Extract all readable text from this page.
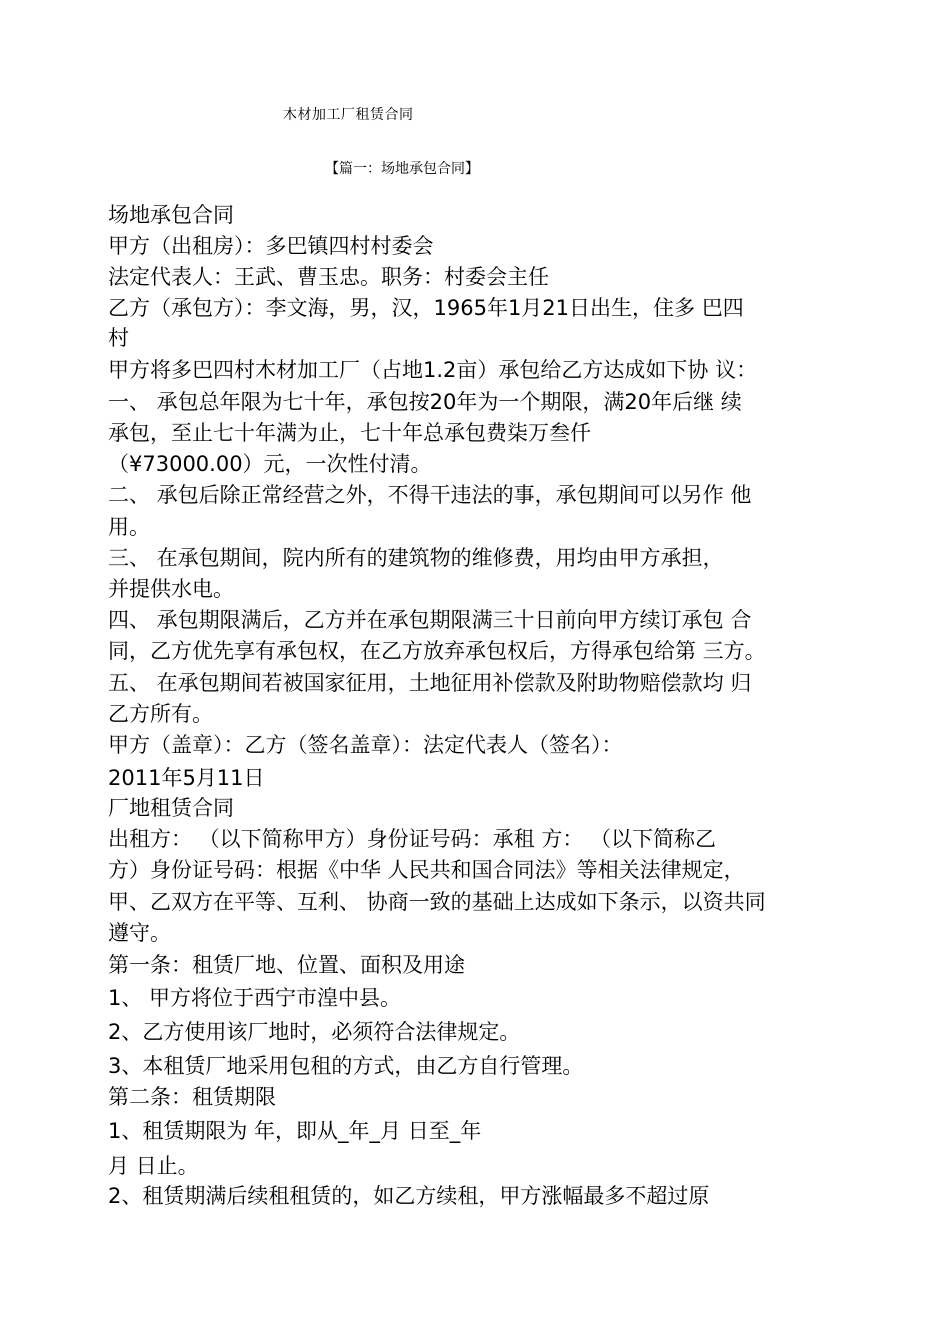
木材加工厂租赁合同
【篇一：场地承包合同】
场地承包合同
甲方（出租房）：多巴镇四村村委会
法定代表人：王武、曹玉忠。职务：村委会主任
乙方（承包方）：李文海，男，汉，1965年1月21日出生，住多 巴四
村
甲方将多巴四村木材加工厂（占地1.2亩）承包给乙方达成如下协 议：
一、 承包总年限为七十年，承包按20年为一个期限，满20年后继 续
承包，至止七十年满为止，七十年总承包费柒万叁仟
（¥73000.00）元，一次性付清。
二、 承包后除正常经营之外，不得干违法的事，承包期间可以另作 他
用。
三、 在承包期间，院内所有的建筑物的维修费，用均由甲方承担，
并提供水电。
四、 承包期限满后，乙方并在承包期限满三十日前向甲方续订承包 合
同，乙方优先享有承包权，在乙方放弃承包权后，方得承包给第 三方。
五、 在承包期间若被国家征用，土地征用补偿款及附助物赔偿款均 归
乙方所有。
甲方（盖章）：乙方（签名盖章）：法定代表人（签名）：
2011年5月11日
厂地租赁合同
出租方： （以下简称甲方）身份证号码：承租 方： （以下简称乙
方）身份证号码：根据《中华 人民共和国合同法》等相关法律规定，
甲、乙双方在平等、互利、 协商一致的基础上达成如下条示，以资共同
遵守。
第一条：租赁厂地、位置、面积及用途
1、 甲方将位于西宁市湟中县。
2、乙方使用该厂地时，必须符合法律规定。
3、本租赁厂地采用包租的方式，由乙方自行管理。
第二条：租赁期限
1、租赁期限为 年，即从_年_月 日至_年
月 日止。
2、租赁期满后续租租赁的，如乙方续租，甲方涨幅最多不超过原
